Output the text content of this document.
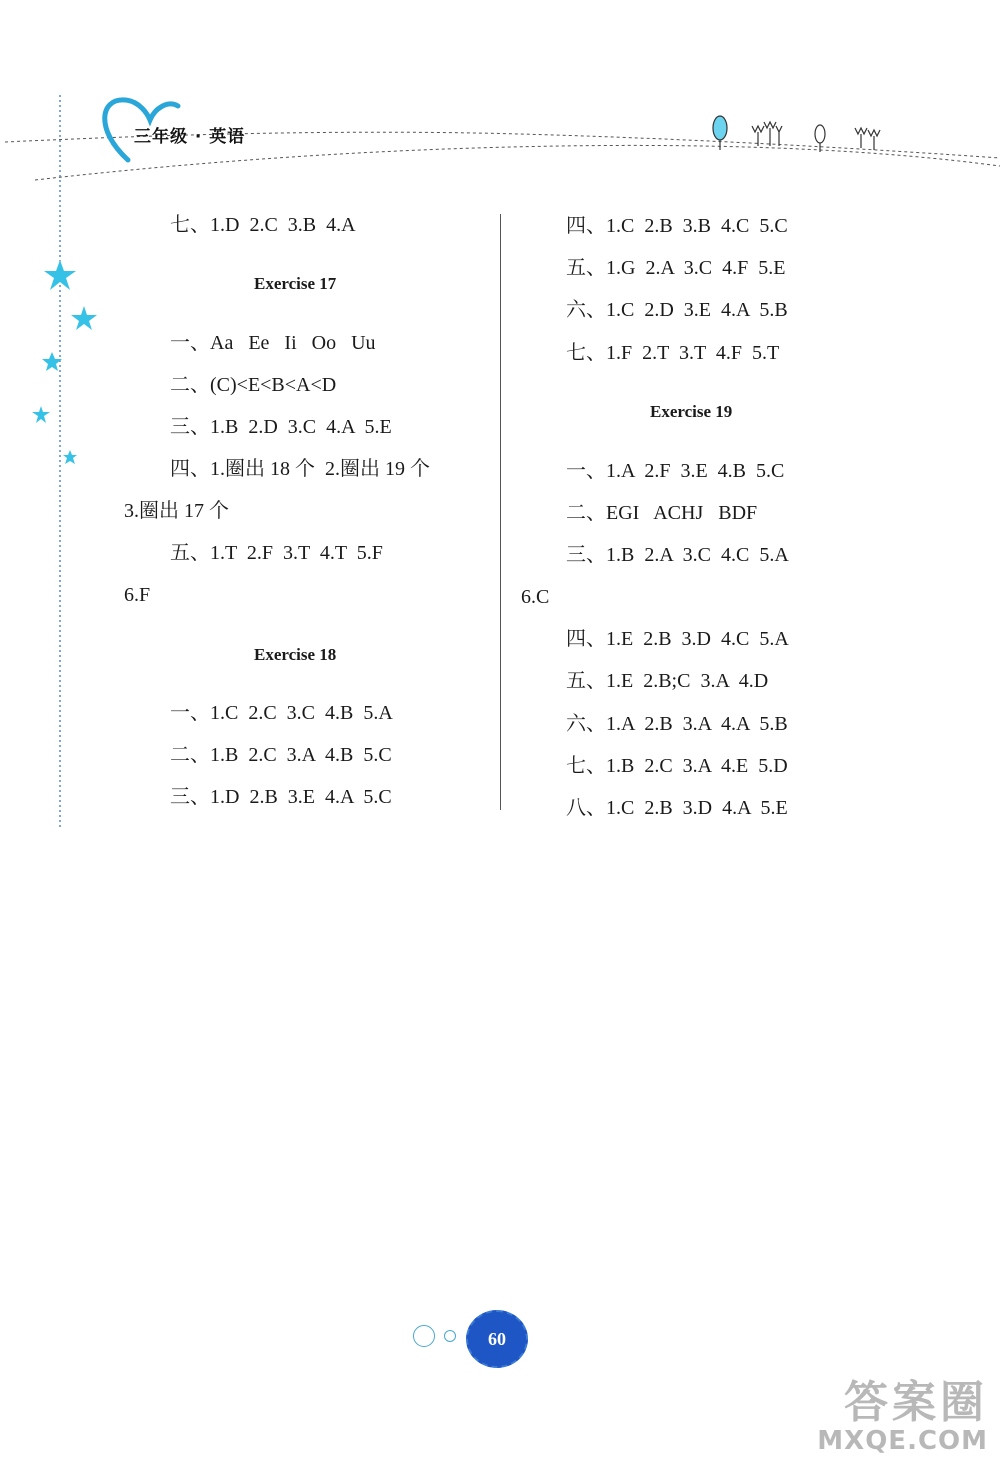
三年级 · 英语
七、1.D  2.C  3.B  4.A
Exercise 17
一、Aa   Ee   Ii   Oo   Uu
二、(C)<E<B<A<D
三、1.B  2.D  3.C  4.A  5.E
四、1.圈出 18 个  2.圈出 19 个
3.圈出 17 个
五、1.T  2.F  3.T  4.T  5.F
6.F
Exercise 18
一、1.C  2.C  3.C  4.B  5.A
二、1.B  2.C  3.A  4.B  5.C
三、1.D  2.B  3.E  4.A  5.C
四、1.C  2.B  3.B  4.C  5.C
五、1.G  2.A  3.C  4.F  5.E
六、1.C  2.D  3.E  4.A  5.B
七、1.F  2.T  3.T  4.F  5.T
Exercise 19
一、1.A  2.F  3.E  4.B  5.C
二、EGI   ACHJ   BDF
三、1.B  2.A  3.C  4.C  5.A
6.C
四、1.E  2.B  3.D  4.C  5.A
五、1.E  2.B;C  3.A  4.D
六、1.A  2.B  3.A  4.A  5.B
七、1.B  2.C  3.A  4.E  5.D
八、1.C  2.B  3.D  4.A  5.E
60
答案圈
MXQE.COM
